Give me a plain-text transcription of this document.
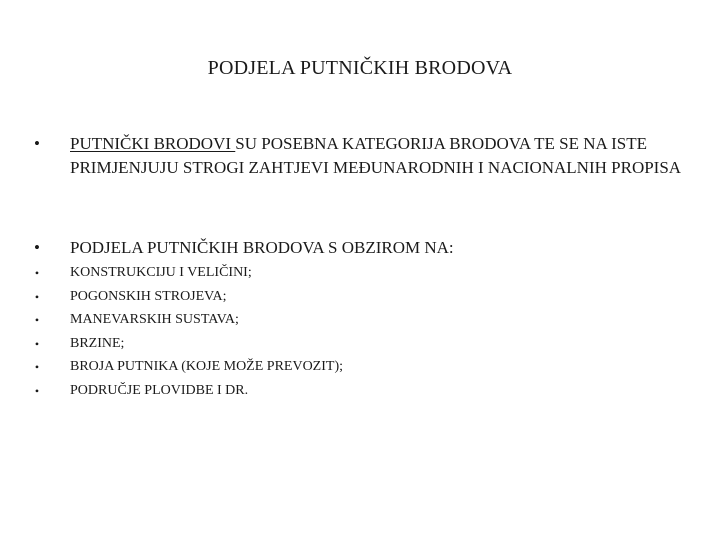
PODJELA PUTNIČKIH BRODOVA
• PUTNIČKI BRODOVI SU POSEBNA KATEGORIJA BRODOVA TE SE NA ISTE PRIMJENJUJU STROGI ZAHTJEVI MEĐUNARODNIH I NACIONALNIH PROPISA
• PODJELA PUTNIČKIH BRODOVA S OBZIROM NA:
•	KONSTRUKCIJU I VELIČINI;
•	POGONSKIH STROJEVA;
•	MANEVARSKIH SUSTAVA;
•	BRZINE;
•	BROJA PUTNIKA (KOJE MOŽE PREVOZIT);
•	PODRUČJE PLOVIDBE I DR.
